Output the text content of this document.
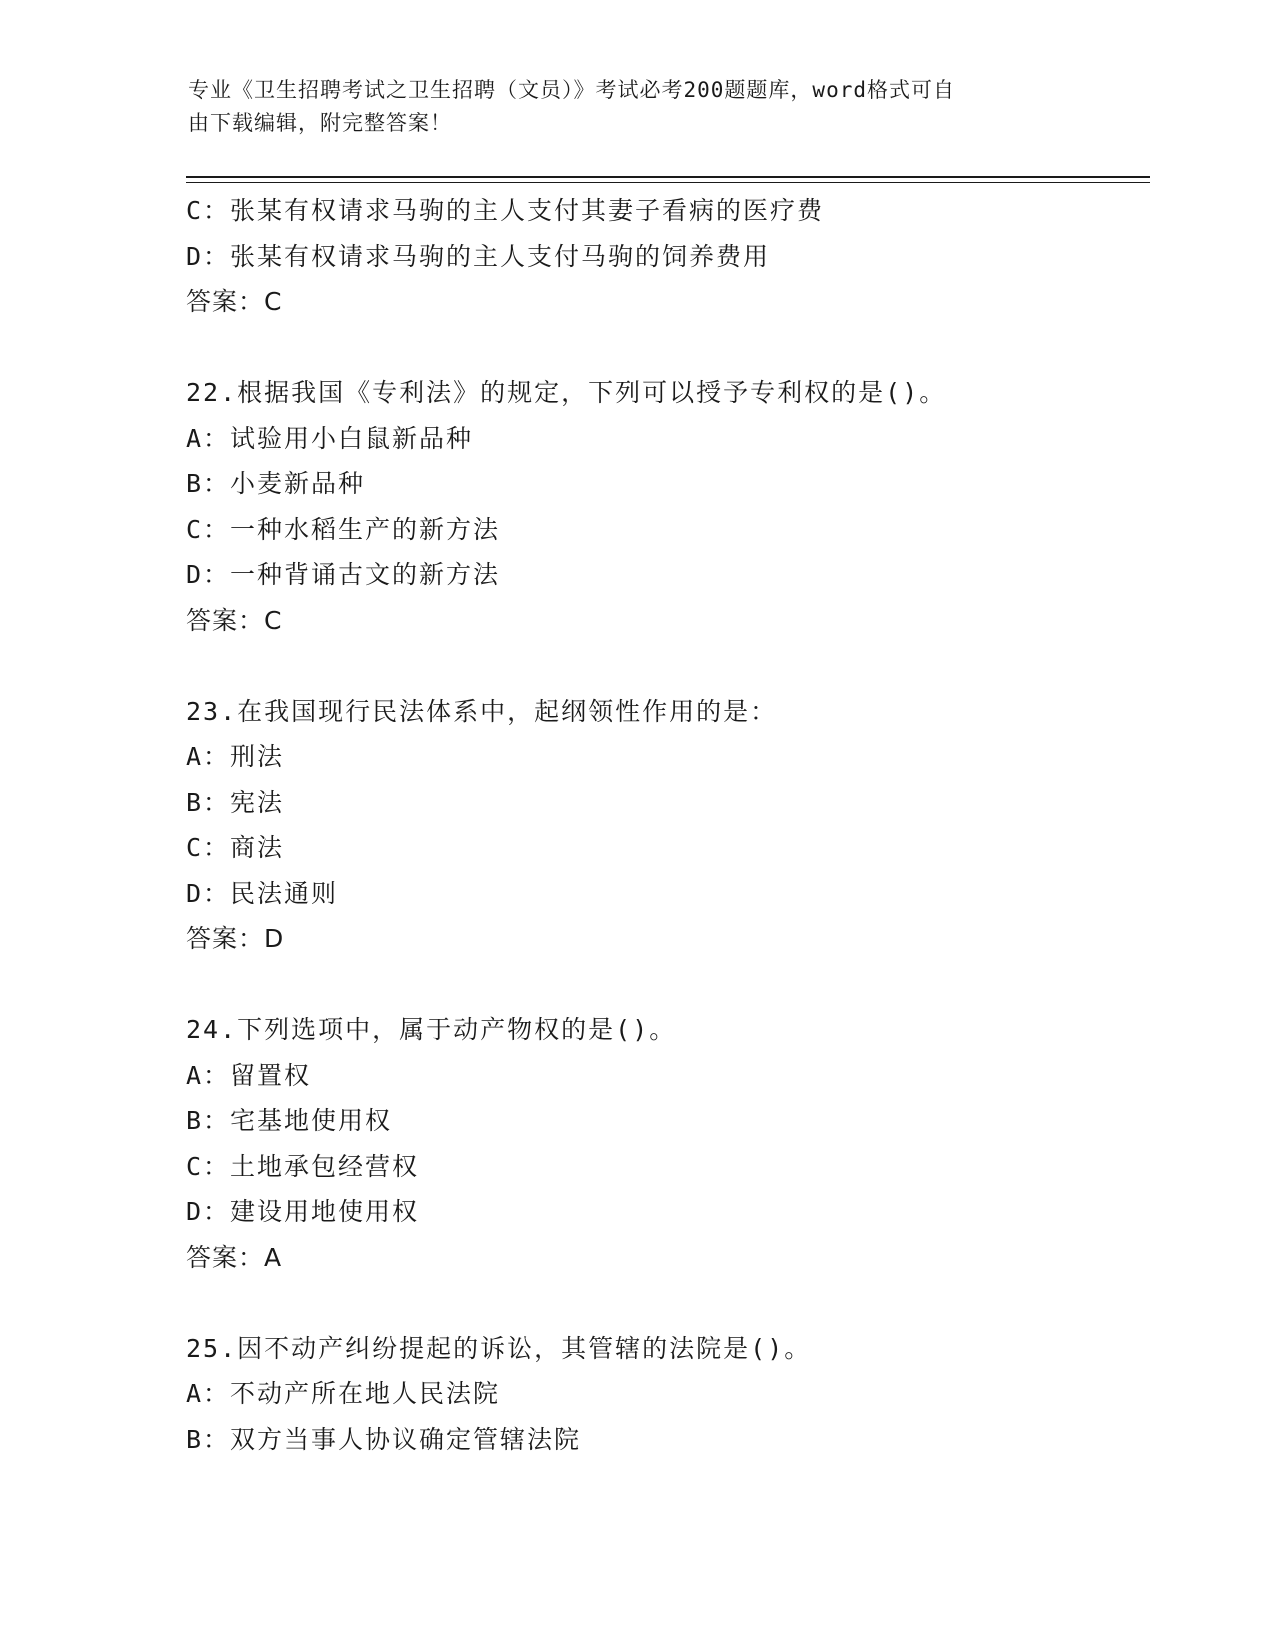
专业《卫生招聘考试之卫生招聘（文员）》考试必考200题题库，word格式可自
由下载编辑，附完整答案！
C：张某有权请求马驹的主人支付其妻子看病的医疗费
D：张某有权请求马驹的主人支付马驹的饲养费用
答案：C
22.根据我国《专利法》的规定，下列可以授予专利权的是()。
A：试验用小白鼠新品种
B：小麦新品种
C：一种水稻生产的新方法
D：一种背诵古文的新方法
答案：C
23.在我国现行民法体系中，起纲领性作用的是：
A：刑法
B：宪法
C：商法
D：民法通则
答案：D
24.下列选项中，属于动产物权的是()。
A：留置权
B：宅基地使用权
C：土地承包经营权
D：建设用地使用权
答案：A
25.因不动产纠纷提起的诉讼，其管辖的法院是()。
A：不动产所在地人民法院
B：双方当事人协议确定管辖法院
